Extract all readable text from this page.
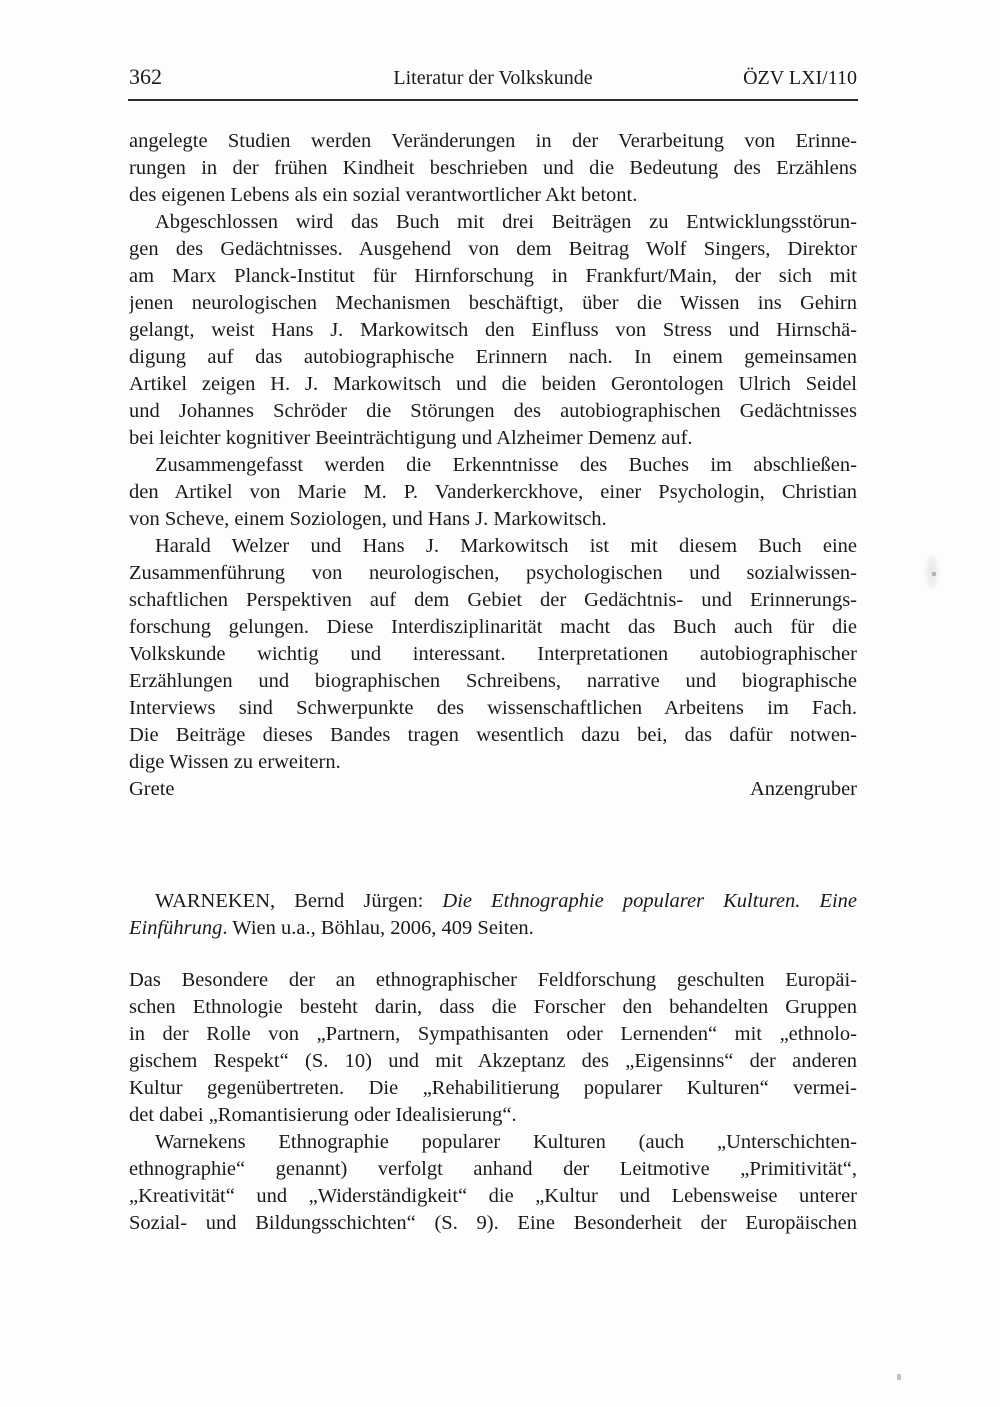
362	Literatur der Volkskunde	ÖZV LXI/110
angelegte Studien werden Veränderungen in der Verarbeitung von Erinne-
rungen in der frühen Kindheit beschrieben und die Bedeutung des Erzählens
des eigenen Lebens als ein sozial verantwortlicher Akt betont.
Abgeschlossen wird das Buch mit drei Beiträgen zu Entwicklungsstörun-
gen des Gedächtnisses. Ausgehend von dem Beitrag Wolf Singers, Direktor
am Marx Planck-Institut für Hirnforschung in Frankfurt/Main, der sich mit
jenen neurologischen Mechanismen beschäftigt, über die Wissen ins Gehirn
gelangt, weist Hans J. Markowitsch den Einfluss von Stress und Hirnschä-
digung auf das autobiographische Erinnern nach. In einem gemeinsamen
Artikel zeigen H. J. Markowitsch und die beiden Gerontologen Ulrich Seidel
und Johannes Schröder die Störungen des autobiographischen Gedächtnisses
bei leichter kognitiver Beeinträchtigung und Alzheimer Demenz auf.
Zusammengefasst werden die Erkenntnisse des Buches im abschließen-
den Artikel von Marie M. P. Vanderkerckhove, einer Psychologin, Christian
von Scheve, einem Soziologen, und Hans J. Markowitsch.
Harald Welzer und Hans J. Markowitsch ist mit diesem Buch eine
Zusammenführung von neurologischen, psychologischen und sozialwissen-
schaftlichen Perspektiven auf dem Gebiet der Gedächtnis- und Erinnerungs-
forschung gelungen. Diese Interdisziplinarität macht das Buch auch für die
Volkskunde wichtig und interessant. Interpretationen autobiographischer
Erzählungen und biographischen Schreibens, narrative und biographische
Interviews sind Schwerpunkte des wissenschaftlichen Arbeitens im Fach.
Die Beiträge dieses Bandes tragen wesentlich dazu bei, das dafür notwen-
dige Wissen zu erweitern.
Grete Anzengruber
WARNEKEN, Bernd Jürgen: Die Ethnographie popularer Kulturen. Eine
Einführung. Wien u.a., Böhlau, 2006, 409 Seiten.
Das Besondere der an ethnographischer Feldforschung geschulten Europäi-
schen Ethnologie besteht darin, dass die Forscher den behandelten Gruppen
in der Rolle von „Partnern, Sympathisanten oder Lernenden“ mit „ethnolo-
gischem Respekt“ (S. 10) und mit Akzeptanz des „Eigensinns“ der anderen
Kultur gegenübertreten. Die „Rehabilitierung popularer Kulturen“ vermei-
det dabei „Romantisierung oder Idealisierung“.
Warnekens Ethnographie popularer Kulturen (auch „Unterschichten-
ethnographie“ genannt) verfolgt anhand der Leitmotive „Primitivität“,
„Kreativität“ und „Widerständigkeit“ die „Kultur und Lebensweise unterer
Sozial- und Bildungsschichten“ (S. 9). Eine Besonderheit der Europäischen
